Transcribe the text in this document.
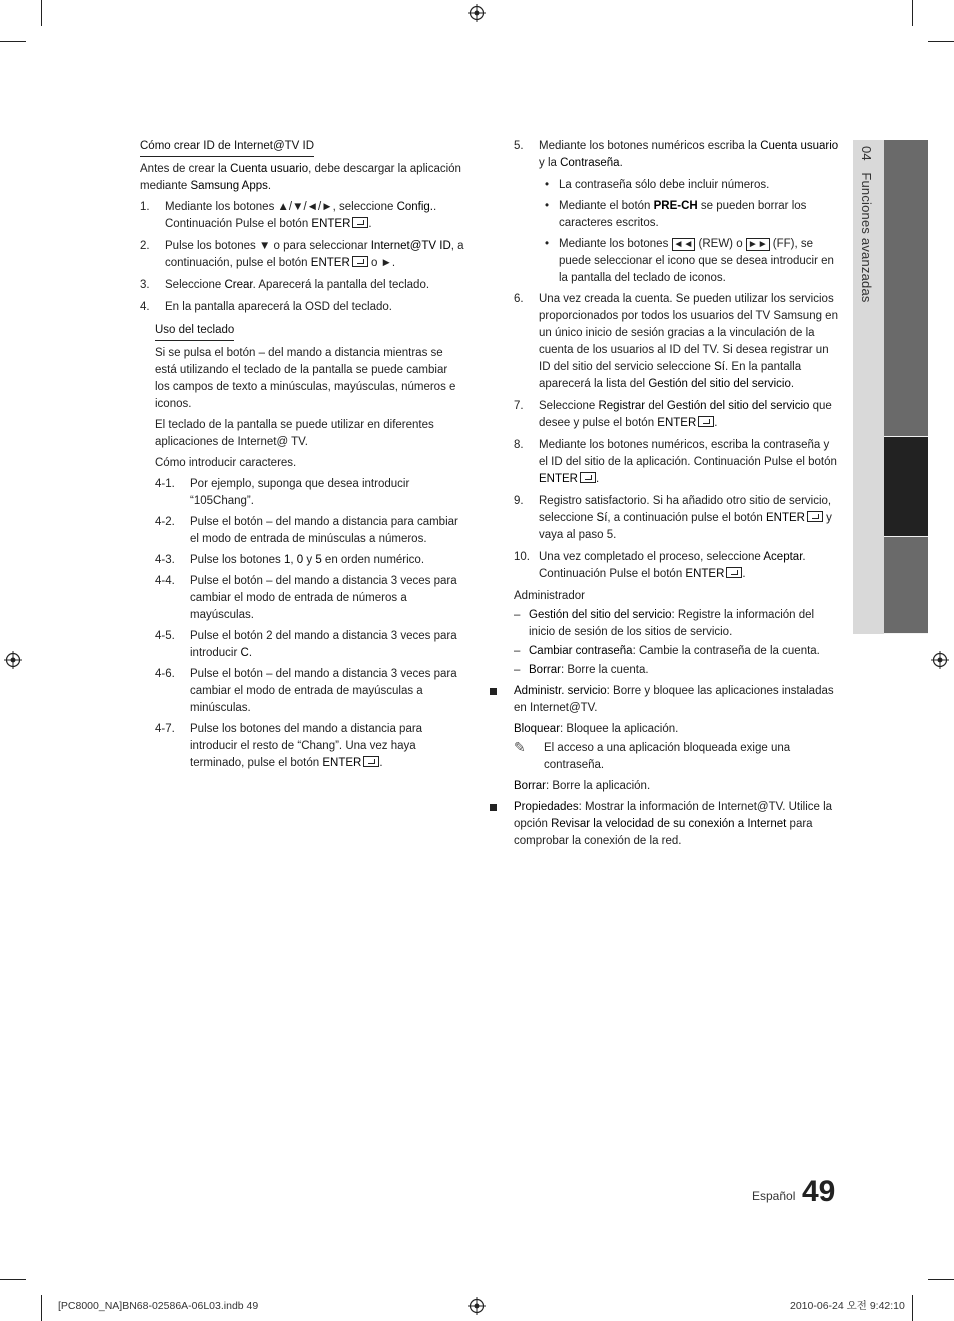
Cómo crear ID de Internet@TV ID

Antes de crear la Cuenta usuario, debe descargar la aplicación mediante Samsung Apps.

1. Mediante los botones ▲/▼/◄/►, seleccione Config.. Continuación Pulse el botón ENTER .
2. Pulse los botones ▼ o para seleccionar Internet@TV ID, a continuación, pulse el botón ENTER o ►.
3. Seleccione Crear. Aparecerá la pantalla del teclado.
4. En la pantalla aparecerá la OSD del teclado.
Uso del teclado

Si se pulsa el botón – del mando a distancia mientras se está utilizando el teclado de la pantalla se puede cambiar los campos de texto a minúsculas, mayúsculas, números e iconos.

El teclado de la pantalla se puede utilizar en diferentes aplicaciones de Internet@ TV.

Cómo introducir caracteres.

4-1. Por ejemplo, suponga que desea introducir “105Chang”.
4-2. Pulse el botón – del mando a distancia para cambiar el modo de entrada de minúsculas a números.
4-3. Pulse los botones 1, 0 y 5 en orden numérico.
4-4. Pulse el botón – del mando a distancia 3 veces para cambiar el modo de entrada de números a mayúsculas.
4-5. Pulse el botón 2 del mando a distancia 3 veces para introducir C.
4-6. Pulse el botón – del mando a distancia 3 veces para cambiar el modo de entrada de mayúsculas a minúsculas.
4-7. Pulse los botones del mando a distancia para introducir el resto de “Chang”. Una vez haya terminado, pulse el botón ENTER .
5. Mediante los botones numéricos escriba la Cuenta usuario y la Contraseña.
• La contraseña sólo debe incluir números.
• Mediante el botón PRE-CH se pueden borrar los caracteres escritos.
• Mediante los botones ◄◄ (REW) o ►► (FF), se puede seleccionar el icono que se desea introducir en la pantalla del teclado de iconos.
6. Una vez creada la cuenta. Se pueden utilizar los servicios proporcionados por todos los usuarios del TV Samsung en un único inicio de sesión gracias a la vinculación de la cuenta de los usuarios al ID del TV. Si desea registrar un ID del sitio del servicio seleccione Sí. En la pantalla aparecerá la lista del Gestión del sitio del servicio.
7. Seleccione Registrar del Gestión del sitio del servicio que desee y pulse el botón ENTER .
8. Mediante los botones numéricos, escriba la contraseña y el ID del sitio de la aplicación. Continuación Pulse el botón ENTER .
9. Registro satisfactorio. Si ha añadido otro sitio de servicio, seleccione Sí, a continuación pulse el botón ENTER y vaya al paso 5.
10. Una vez completado el proceso, seleccione Aceptar. Continuación Pulse el botón ENTER .

Administrador

– Gestión del sitio del servicio: Registre la información del inicio de sesión de los sitios de servicio.
– Cambiar contraseña: Cambie la contraseña de la cuenta.
– Borrar: Borre la cuenta.
Administr. servicio: Borre y bloquee las aplicaciones instaladas en Internet@TV.

Bloquear: Bloquee la aplicación.

✎ El acceso a una aplicación bloqueada exige una contraseña.

Borrar: Borre la aplicación.

Propiedades: Mostrar la información de Internet@TV. Utilice la opción Revisar la velocidad de su conexión a Internet para comprobar la conexión de la red.
04   Funciones avanzadas
Español 49
[PC8000_NA]BN68-02586A-06L03.indb 49	2010-06-24 오전 9:42:10
